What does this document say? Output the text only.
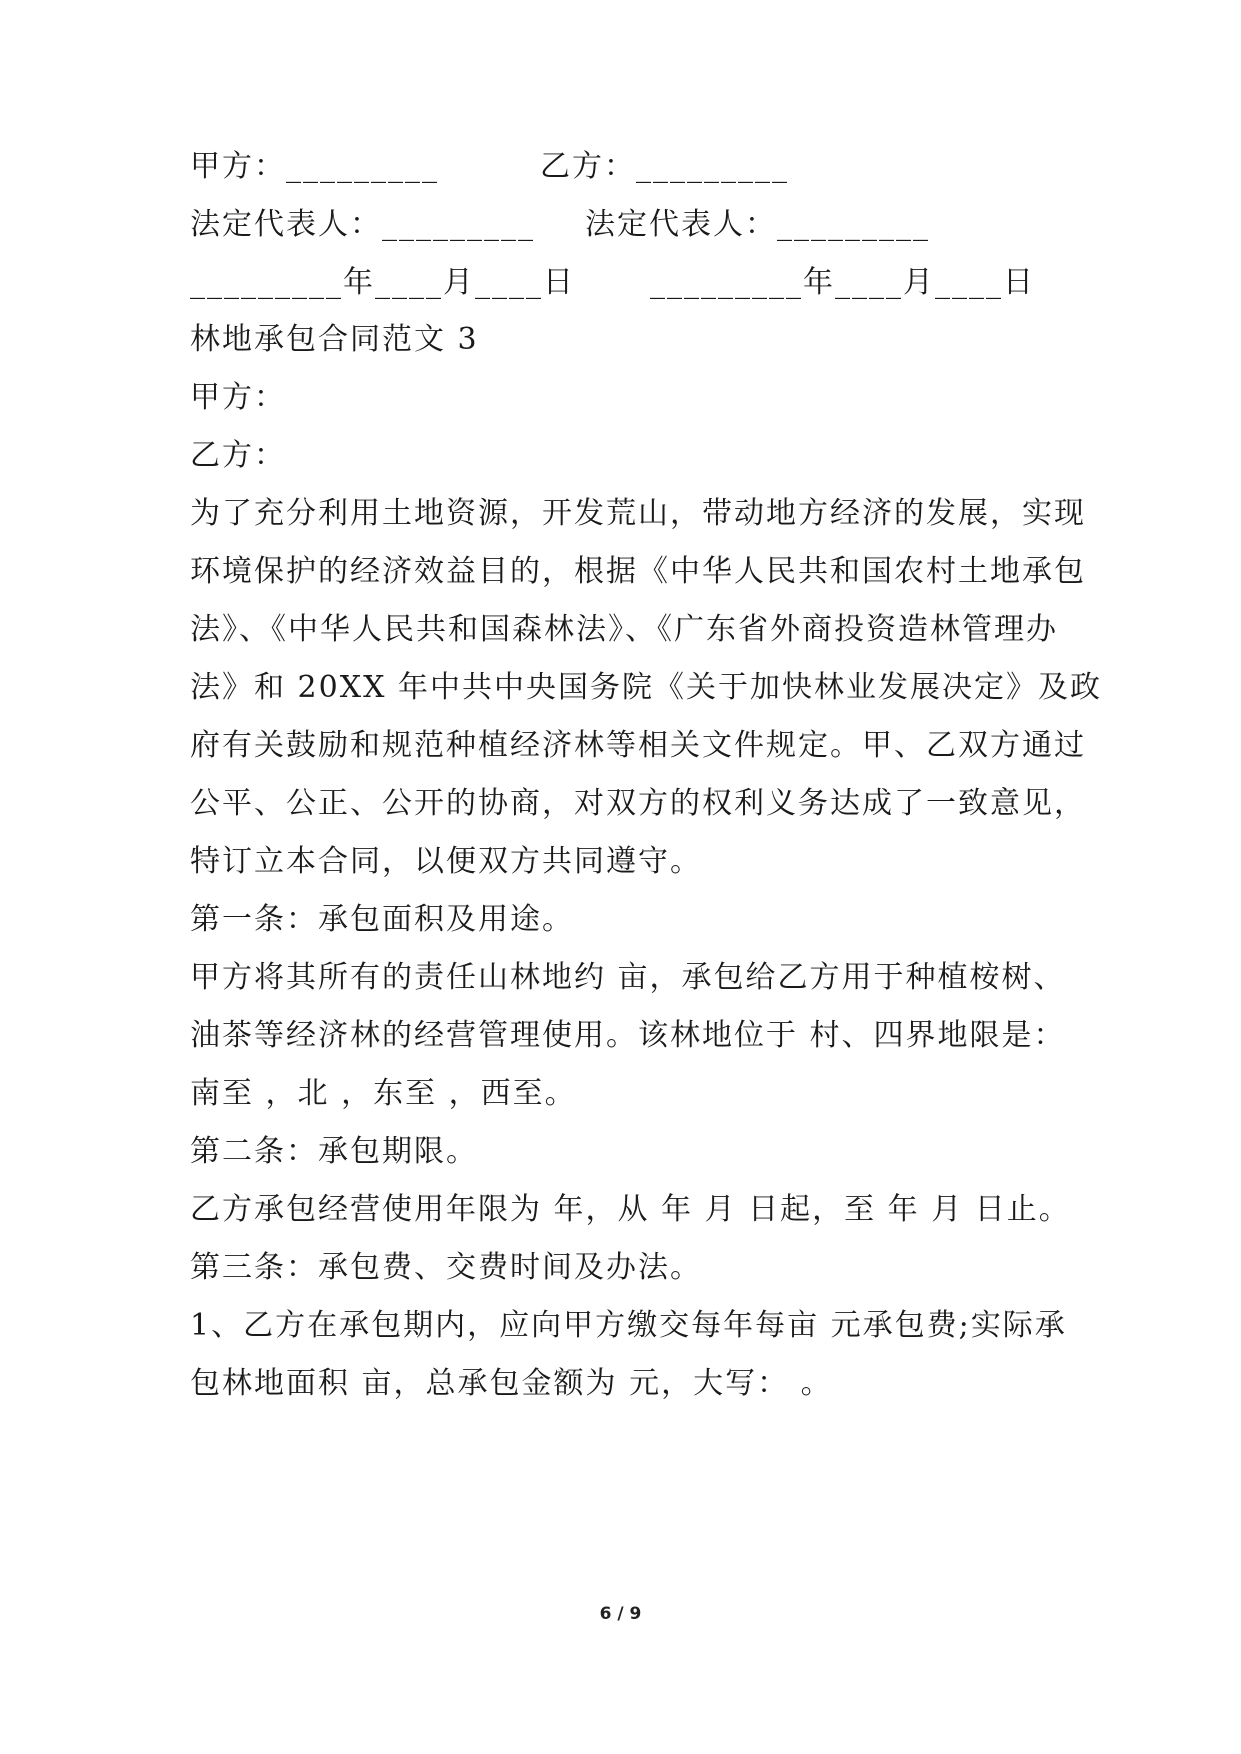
甲方：_________	乙方：_________
法定代表人：_________ 法定代表人：_________
_________年____月____日	_________年____月____日
林地承包合同范文 3
甲方：
乙方：
为了充分利用土地资源，开发荒山，带动地方经济的发展，实现
环境保护的经济效益目的，根据《中华人民共和国农村土地承包
法》、《中华人民共和国森林法》、《广东省外商投资造林管理办
法》和 20XX 年中共中央国务院《关于加快林业发展决定》及政
府有关鼓励和规范种植经济林等相关文件规定。甲、乙双方通过
公平、公正、公开的协商，对双方的权利义务达成了一致意见，
特订立本合同，以便双方共同遵守。
第一条：承包面积及用途。
甲方将其所有的责任山林地约 亩，承包给乙方用于种植桉树、
油茶等经济林的经营管理使用。该林地位于 村、四界地限是：
南至 ，北 ，东至 ，西至。
第二条：承包期限。
乙方承包经营使用年限为 年，从 年 月 日起，至 年 月 日止。
第三条：承包费、交费时间及办法。
1、乙方在承包期内，应向甲方缴交每年每亩 元承包费;实际承
包林地面积 亩，总承包金额为 元，大写： 。
6 / 9
